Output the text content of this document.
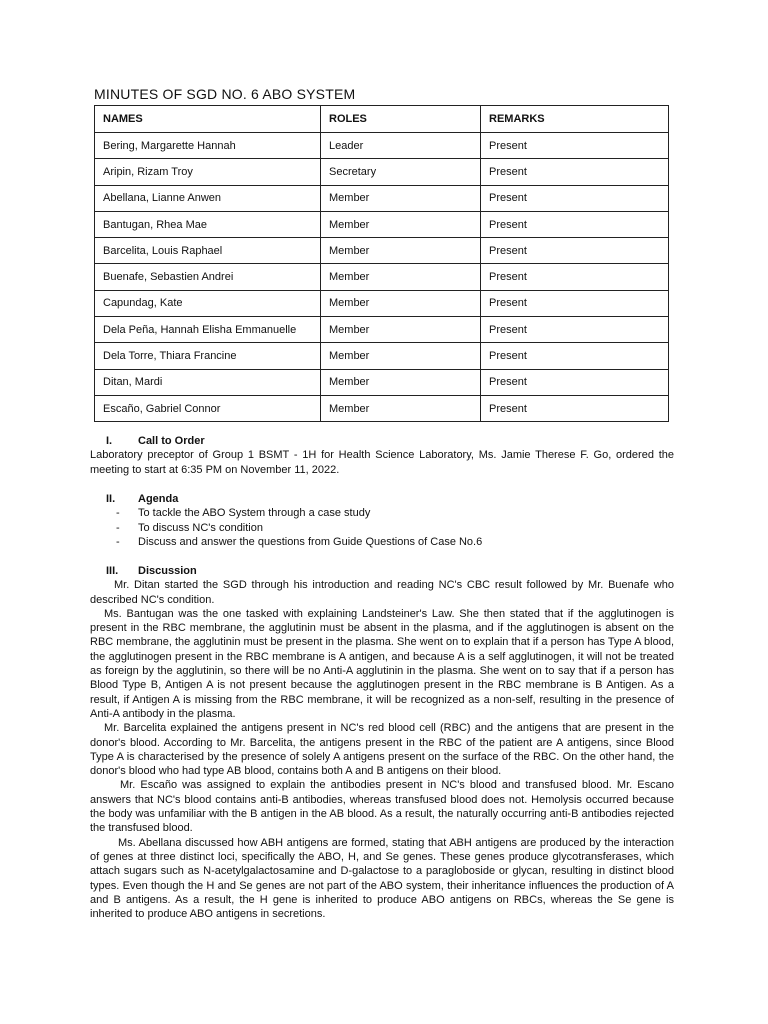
MINUTES OF SGD NO. 6 ABO SYSTEM
NAMES	ROLES	REMARKS
Bering, Margarette Hannah	Leader	Present
Aripin, Rizam Troy	Secretary	Present
Abellana, Lianne Anwen	Member	Present
Bantugan, Rhea Mae	Member	Present
Barcelita, Louis Raphael	Member	Present
Buenafe, Sebastien Andrei	Member	Present
Capundag, Kate	Member	Present
Dela Peña, Hannah Elisha Emmanuelle	Member	Present
Dela Torre, Thiara Francine	Member	Present
Ditan, Mardi	Member	Present
Escaño, Gabriel Connor	Member	Present
I.	Call to Order

Laboratory preceptor of Group 1 BSMT - 1H for Health Science Laboratory, Ms. Jamie Therese F. Go, ordered the meeting to start at 6:35 PM on November 11, 2022.

II.	Agenda
-	To tackle the ABO System through a case study
-	To discuss NC's condition
-	Discuss and answer the questions from Guide Questions of Case No.6
III.	Discussion

Mr. Ditan started the SGD through his introduction and reading NC's CBC result followed by Mr. Buenafe who described NC's condition.

Ms. Bantugan was the one tasked with explaining Landsteiner's Law. She then stated that if the agglutinogen is present in the RBC membrane, the agglutinin must be absent in the plasma, and if the agglutinogen is absent on the RBC membrane, the agglutinin must be present in the plasma. She went on to explain that if a person has Type A blood, the agglutinogen present in the RBC membrane is A antigen, and because A is a self agglutinogen, it will not be treated as foreign by the agglutinin, so there will be no Anti-A agglutinin in the plasma. She went on to say that if a person has Blood Type B, Antigen A is not present because the agglutinogen present in the RBC membrane is B Antigen. As a result, if Antigen A is missing from the RBC membrane, it will be recognized as a non-self, resulting in the presence of Anti-A antibody in the plasma.

Mr. Barcelita explained the antigens present in NC's red blood cell (RBC) and the antigens that are present in the donor's blood. According to Mr. Barcelita, the antigens present in the RBC of the patient are A antigens, since Blood Type A is characterised by the presence of solely A antigens present on the surface of the RBC. On the other hand, the donor's blood who had type AB blood, contains both A and B antigens on their blood.

Mr. Escaño was assigned to explain the antibodies present in NC's blood and transfused blood. Mr. Escano answers that NC's blood contains anti-B antibodies, whereas transfused blood does not. Hemolysis occurred because the body was unfamiliar with the B antigen in the AB blood. As a result, the naturally occurring anti-B antibodies rejected the transfused blood.

Ms. Abellana discussed how ABH antigens are formed, stating that ABH antigens are produced by the interaction of genes at three distinct loci, specifically the ABO, H, and Se genes. These genes produce glycotransferases, which attach sugars such as N-acetylgalactosamine and D-galactose to a paragloboside or glycan, resulting in distinct blood types. Even though the H and Se genes are not part of the ABO system, their inheritance influences the production of A and B antigens. As a result, the H gene is inherited to produce ABO antigens on RBCs, whereas the Se gene is inherited to produce ABO antigens in secretions.
